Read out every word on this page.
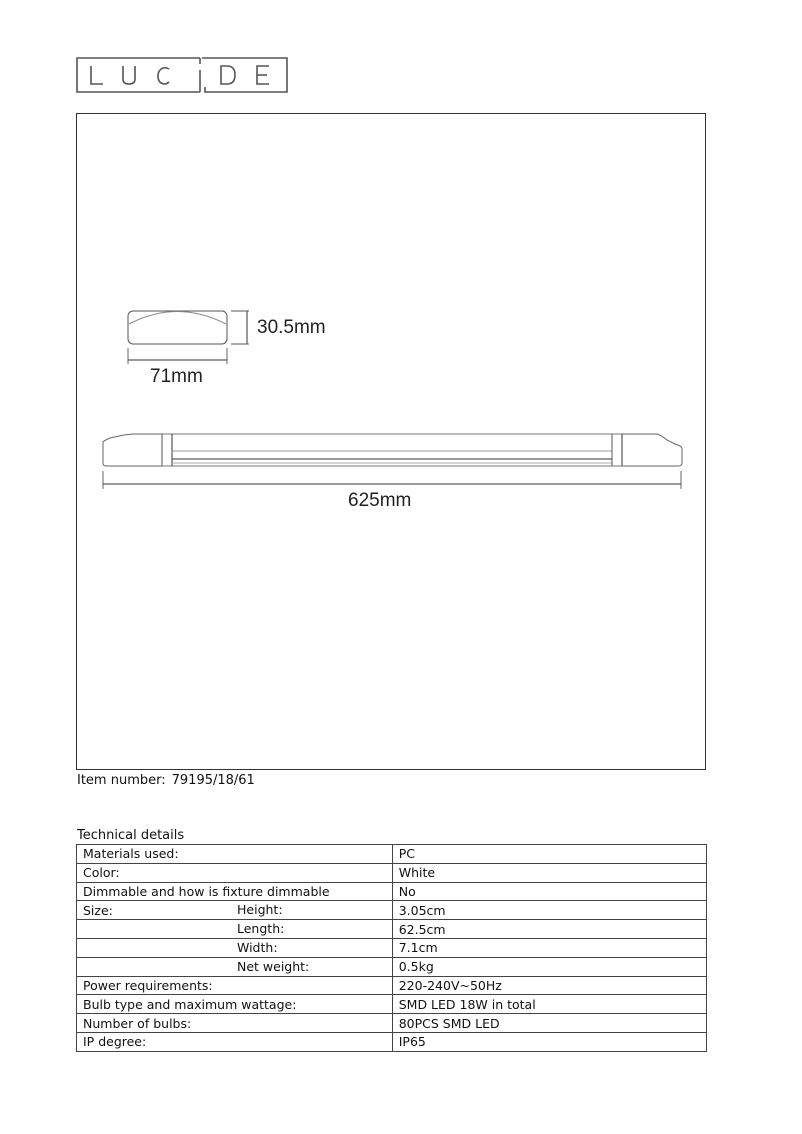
30.5mm
71mm
625mm
Item number: 79195/18/61
Technical details
Materials used:	PC
Color:	White
Dimmable and how is fixture dimmable	No
Size: Height:	3.05cm

Length:	62.5cm

Width:	7.1cm

Net weight:	0.5kg
Power requirements:	220-240V~50Hz
Bulb type and maximum wattage:	SMD LED 18W in total
Number of bulbs:	80PCS SMD LED
IP degree:	IP65
